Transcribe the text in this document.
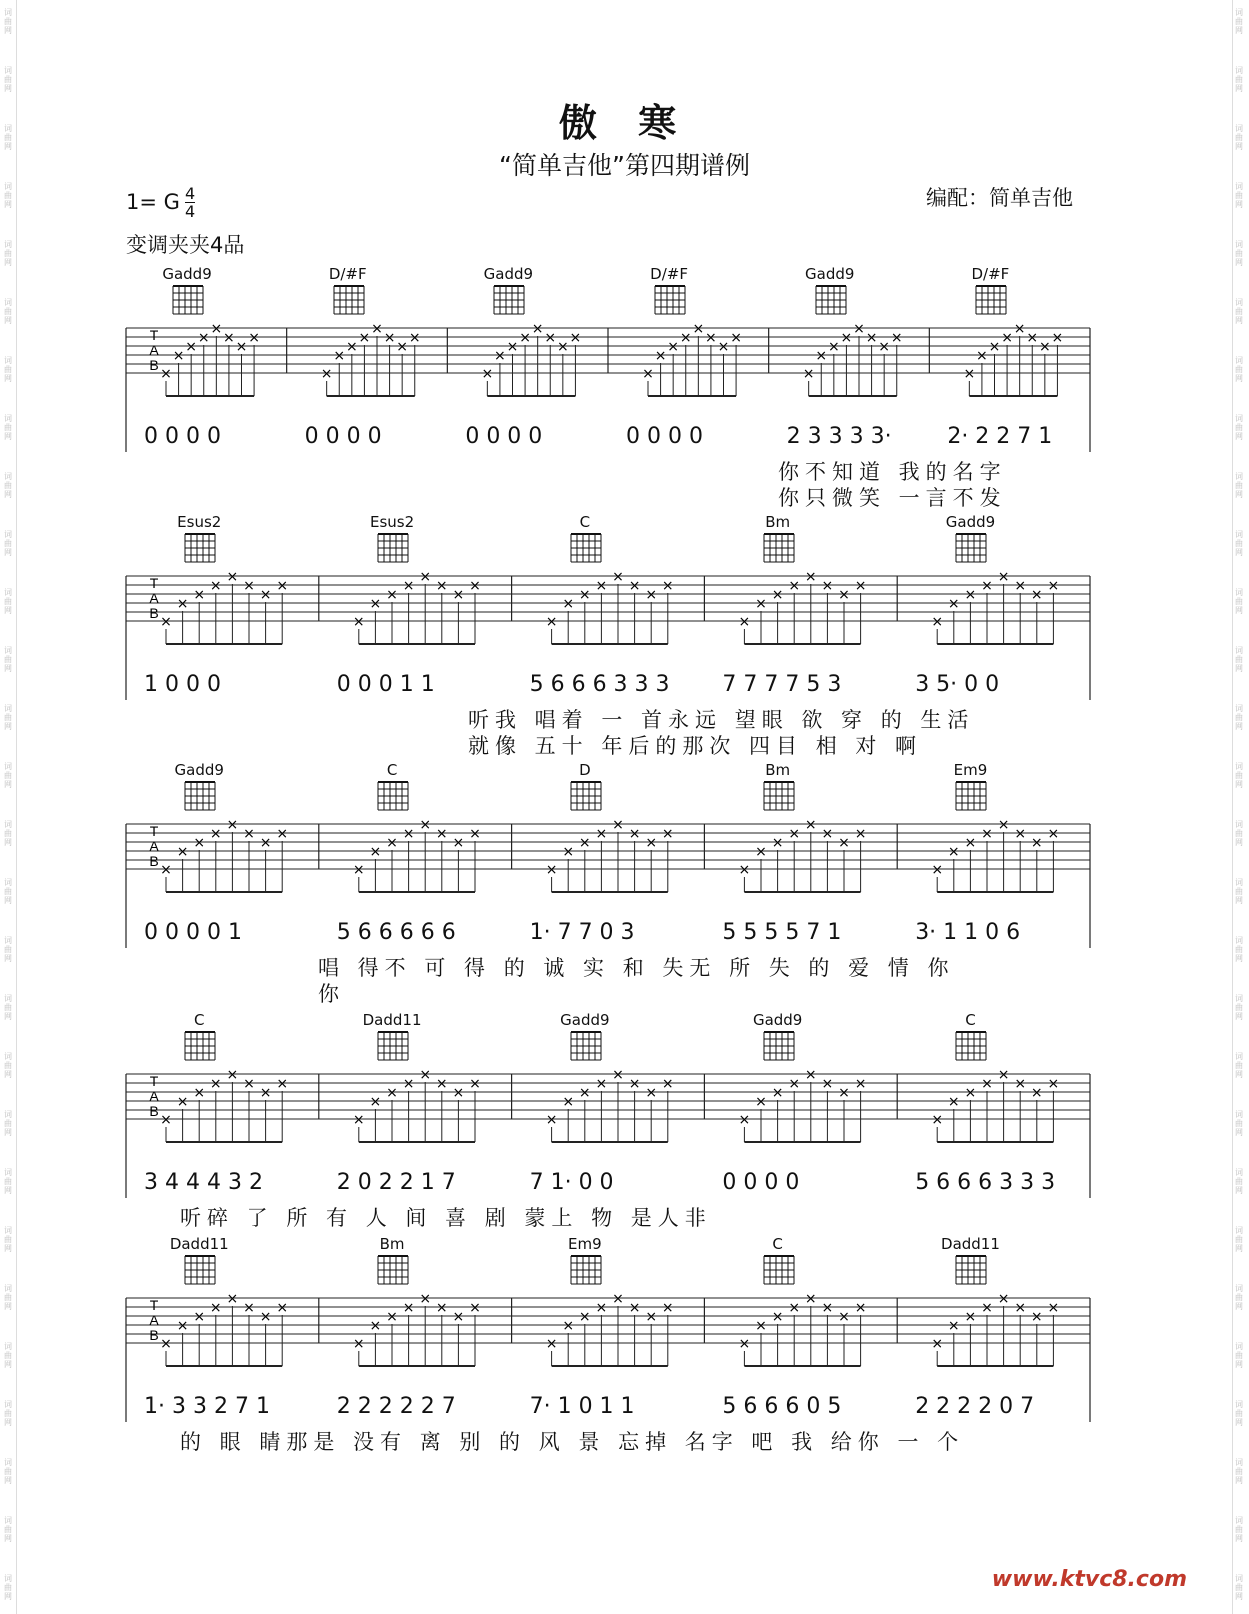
词曲网
词曲网
词曲网
词曲网
词曲网
词曲网
词曲网
词曲网
词曲网
词曲网
词曲网
词曲网
词曲网
词曲网
词曲网
词曲网
词曲网
词曲网
词曲网
词曲网
词曲网
词曲网
词曲网
词曲网
词曲网
词曲网
词曲网
词曲网
词曲网
词曲网
词曲网
词曲网
词曲网
词曲网
词曲网
词曲网
词曲网
词曲网
词曲网
词曲网
词曲网
词曲网
词曲网
词曲网
词曲网
词曲网
词曲网
词曲网
词曲网
词曲网
词曲网
词曲网
词曲网
词曲网
词曲网
词曲网
傲 寒
“简单吉他”第四期谱例
1= G $\frac{4}{4}$
变调夹夹4品
编配：简单吉他
Gadd9	D/#F	Gadd9	D/#F	Gadd9	D/#F
T
A
B
×
×
×
×
×
×
×
×
×
×
×
×
×
×
×
×
×
×
×
×
×
×
×
×
×
×
×
×
×
×
×
×
×
×
×
×
×
×
×
×
×
×
×
×
×
×
×
×
0 0 0 0	0 0 0 0	0 0 0 0	0 0 0 0	2 3 3 3 3·	2· 2 2 7 1
你不知道 我的名字
你只微笑 一言不发
Esus2	Esus2	C	Bm	Gadd9
T
A
B
×
×
×
×
×
×
×
×
×
×
×
×
×
×
×
×
×
×
×
×
×
×
×
×
×
×
×
×
×
×
×
×
×
×
×
×
×
×
×
×
1 0 0 0	0 0 0 1 1	5 6 6 6 3 3 3 7 7 7 7 5 3	3 5· 0 0
听我 唱着 一 首永远 望眼 欲 穿 的 生活
就像 五十 年后的那次 四目 相 对 啊
Gadd9	C	D	Bm	Em9
T
A
B
×
×
×
×
×
×
×
×
×
×
×
×
×
×
×
×
×
×
×
×
×
×
×
×
×
×
×
×
×
×
×
×
×
×
×
×
×
×
×
×
0 0 0 0 1	5 6 6 6 6 6	1· 7 7 0 3	5 5 5 5 7 1	3· 1 1 0 6
唱 得不 可 得 的 诚 实 和 失无 所 失 的 爱 情 你
你
C	Dadd11	Gadd9	Gadd9	C
T
A
B
×
×
×
×
×
×
×
×
×
×
×
×
×
×
×
×
×
×
×
×
×
×
×
×
×
×
×
×
×
×
×
×
×
×
×
×
×
×
×
×
3 4 4 4 3 2	2 0 2 2 1 7	7 1· 0 0	0 0 0 0	5 6 6 6 3 3 3
听碎 了 所 有 人 间 喜 剧 蒙上 物 是人非
Dadd11	Bm	Em9	C	Dadd11
T
A
B
×
×
×
×
×
×
×
×
×
×
×
×
×
×
×
×
×
×
×
×
×
×
×
×
×
×
×
×
×
×
×
×
×
×
×
×
×
×
×
×
1· 3 3 2 7 1	2 2 2 2 2 7	7· 1 0 1 1	5 6 6 6 0 5	2 2 2 2 0 7
的 眼 睛那是 没有 离 别 的 风 景 忘掉 名字 吧 我 给你 一 个
www.ktvc8.com
